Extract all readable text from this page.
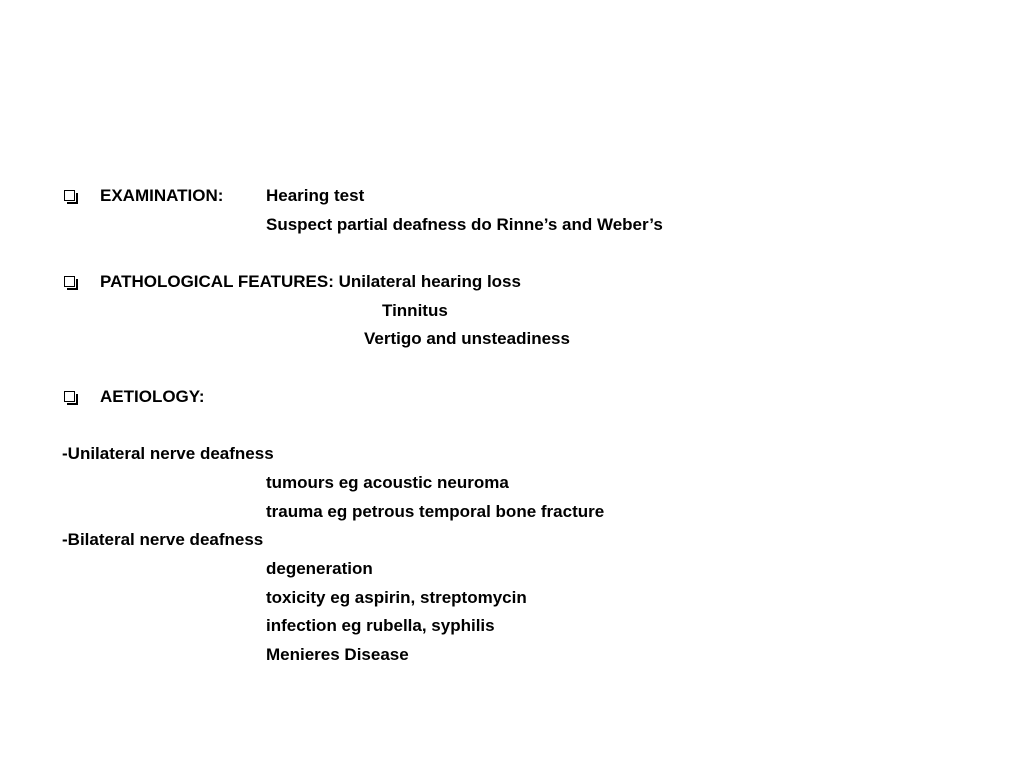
EXAMINATION:	Hearing test
Suspect partial deafness do Rinne’s and Weber’s
PATHOLOGICAL FEATURES: Unilateral hearing loss
Tinnitus
Vertigo and unsteadiness
AETIOLOGY:
-Unilateral nerve deafness
tumours eg acoustic neuroma
trauma eg petrous temporal bone fracture
-Bilateral nerve deafness
degeneration
toxicity eg aspirin, streptomycin
infection eg rubella, syphilis
Menieres Disease
